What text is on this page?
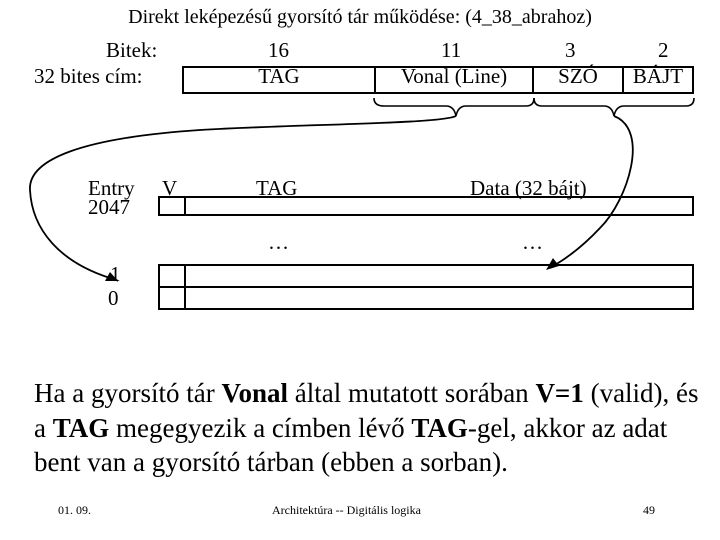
Direkt leképezésű gyorsító tár működése: (4_38_abrahoz)
Bitek:	16	11	3	2
32 bites cím:	TAG	Vonal (Line)	SZÓ	BÁJT
Entry V	TAG	Data (32 bájt)
2047
…	…
1
0
Ha a gyorsító tár Vonal által mutatott sorában V=1 (valid), és a TAG megegyezik a címben lévő TAG-gel, akkor az adat bent van a gyorsító tárban (ebben a sorban).
01. 09.	Architektúra -- Digitális logika	49
